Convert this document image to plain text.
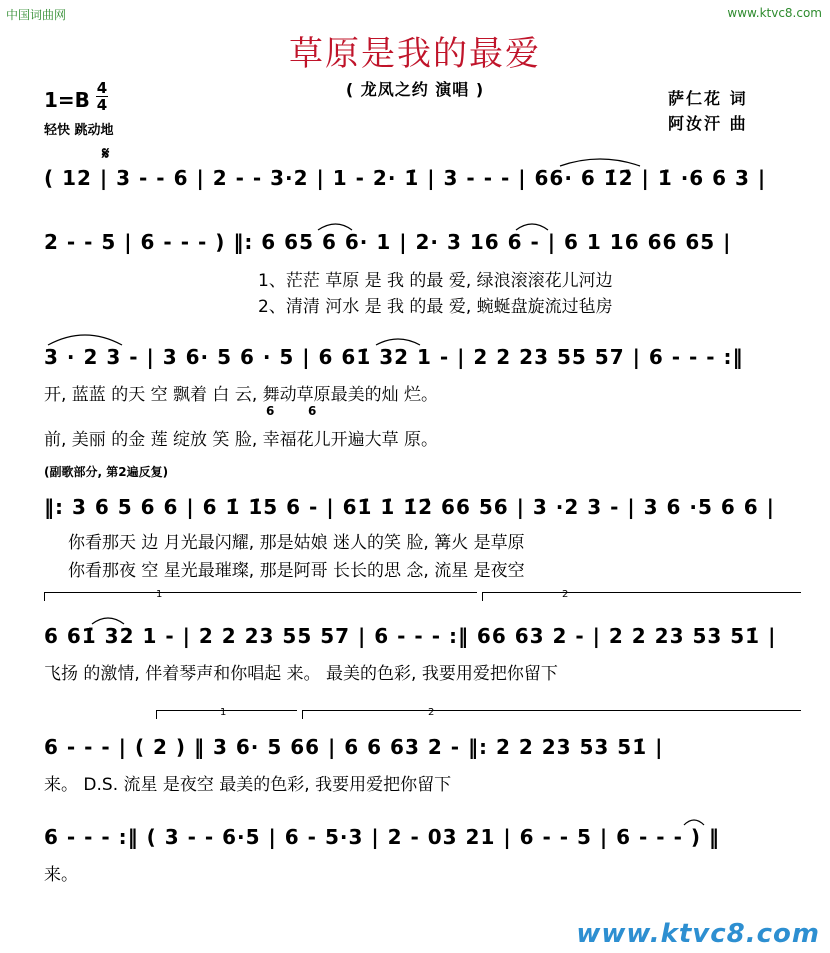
中国词曲网	www.ktvc8.com
草原是我的最爱
( 龙凤之约 演唱 )
1=B 4
4
轻快 跳动地
萨仁花 词
阿汝汗 曲
𝄋
( 12 | 3 - - 6 | 2 - - 3·2 | 1 - 2· 1̇ | 3 - - - | 66· 6 1̇2̇ | 1̇ ·6 6 3 |
2 - - 5 | 6 - - - ) ‖: 6 65 6 6· 1 | 2· 3 16 6 - | 6 1 16 66 65 |
1、茫茫 草原 是 我 的最 爱, 绿浪滚滚花儿河边
2、清清 河水 是 我 的最 爱, 蜿蜒盘旋流过毡房
3 · 2 3 - | 3 6· 5 6 · 5 | 6 61̇ 32 1 - | 2 2 23 55 57 | 6 - - - :‖
开, 蓝蓝 的天 空 飘着 白 云, 舞动草原最美的灿 烂。
前, 美丽 的金 莲 绽放 笑 脸, 幸福花儿开遍大草 原。
6	6
(副歌部分, 第2遍反复)
‖: 3 6 5 6 6 | 6 1̇ 1̇5 6 - | 61̇ 1̇ 1̇2̇ 66 56 | 3 ·2 3 - | 3 6 ·5 6 6 |
你看那天 边 月光最闪耀, 那是姑娘 迷人的笑 脸, 篝火 是草原
你看那夜 空 星光最璀璨, 那是阿哥 长长的思 念, 流星 是夜空
1	2
6 61̇ 32 1 - | 2 2 23 55 57 | 6 - - - :‖ 66 63 2 - | 2 2 23 53 51̇ |
飞扬 的激情, 伴着琴声和你唱起 来。 最美的色彩, 我要用爱把你留下
1	2
6 - - - | ( 2 ) ‖ 3 6· 5 66 | 6 6 63 2 - ‖: 2 2 23 53 51̇ |
来。 D.S. 流星 是夜空 最美的色彩, 我要用爱把你留下
6 - - - :‖ ( 3 - - 6·5 | 6 - 5·3 | 2 - 03 21 | 6 - - 5 | 6 - - - ) ‖
来。
www.ktvc8.com
